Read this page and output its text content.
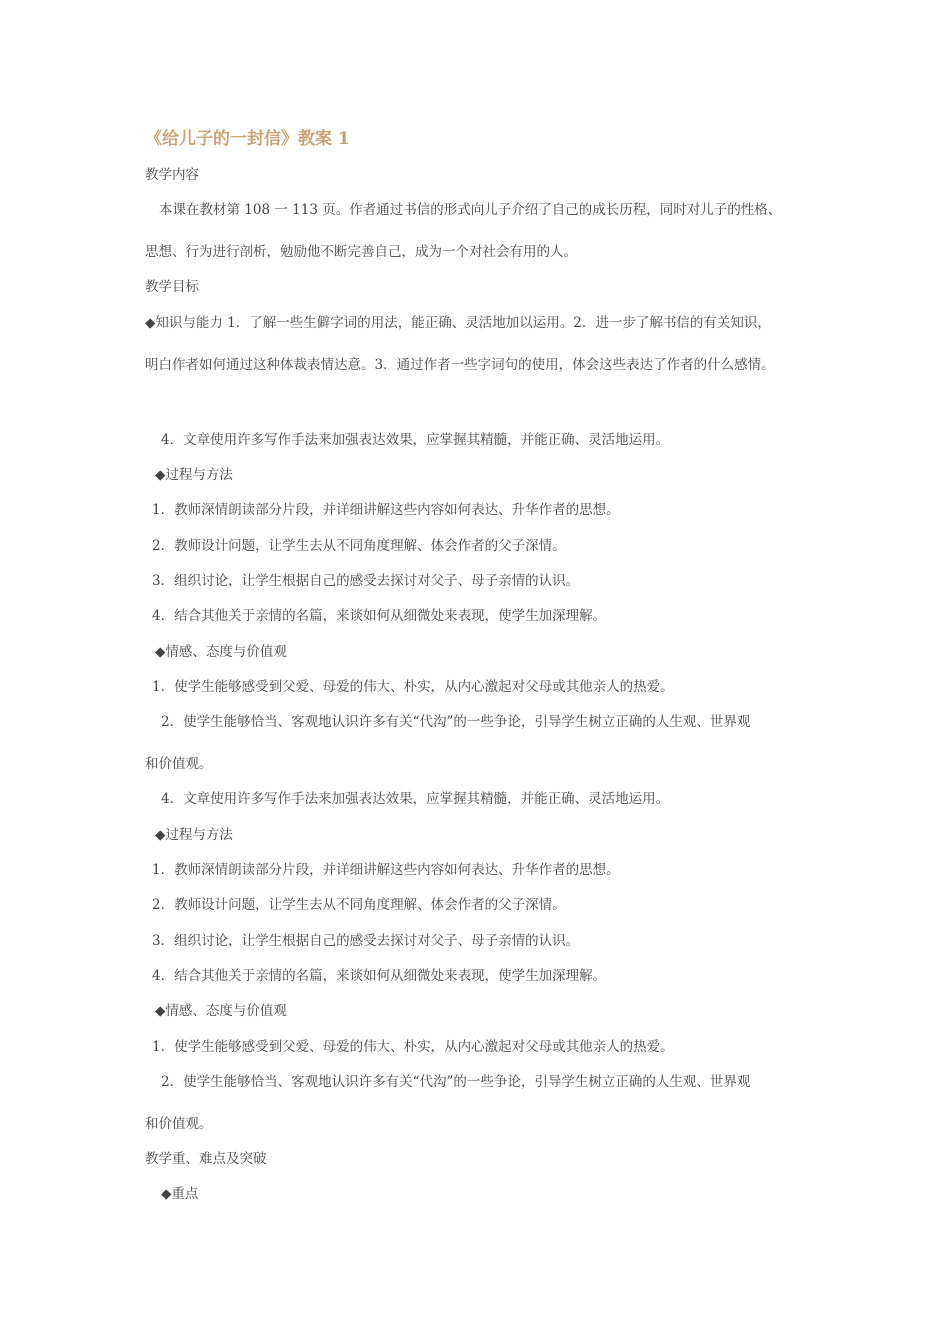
《给儿子的一封信》教案 1
教学内容
本课在教材第 108 一 113 页。作者通过书信的形式向儿子介绍了自己的成长历程，同时对儿子的性格、
思想、行为进行剖析，勉励他不断完善自己，成为一个对社会有用的人。
教学目标
◆知识与能力 1．了解一些生僻字词的用法，能正确、灵活地加以运用。2．进一步了解书信的有关知识，
明白作者如何通过这种体裁表情达意。3．通过作者一些字词句的使用，体会这些表达了作者的什么感情。
4．文章使用许多写作手法来加强表达效果，应掌握其精髓，并能正确、灵活地运用。
◆过程与方法
1．教师深情朗读部分片段，并详细讲解这些内容如何表达、升华作者的思想。
2．教师设计问题，让学生去从不同角度理解、体会作者的父子深情。
3．组织讨论，让学生根据自己的感受去探讨对父子、母子亲情的认识。
4．结合其他关于亲情的名篇，来谈如何从细微处来表现，使学生加深理解。
◆情感、态度与价值观
1．使学生能够感受到父爱、母爱的伟大、朴实，从内心激起对父母或其他亲人的热爱。
2．使学生能够恰当、客观地认识许多有关“代沟”的一些争论，引导学生树立正确的人生观、世界观
和价值观。
4．文章使用许多写作手法来加强表达效果，应掌握其精髓，并能正确、灵活地运用。
◆过程与方法
1．教师深情朗读部分片段，并详细讲解这些内容如何表达、升华作者的思想。
2．教师设计问题，让学生去从不同角度理解、体会作者的父子深情。
3．组织讨论，让学生根据自己的感受去探讨对父子、母子亲情的认识。
4．结合其他关于亲情的名篇，来谈如何从细微处来表现，使学生加深理解。
◆情感、态度与价值观
1．使学生能够感受到父爱、母爱的伟大、朴实，从内心激起对父母或其他亲人的热爱。
2．使学生能够恰当、客观地认识许多有关“代沟”的一些争论，引导学生树立正确的人生观、世界观
和价值观。
教学重、难点及突破
◆重点
